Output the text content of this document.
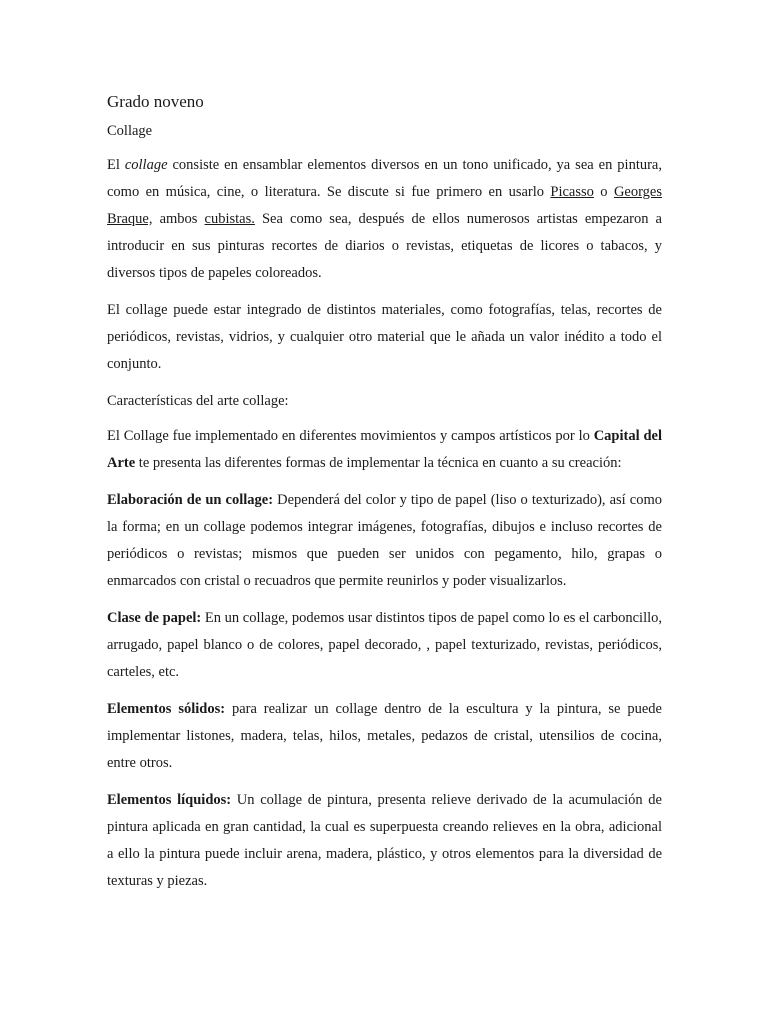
Grado noveno
Collage

El collage consiste en ensamblar elementos diversos en un tono unificado, ya sea en pintura, como en música, cine, o literatura. Se discute si fue primero en usarlo Picasso o Georges Braque, ambos cubistas. Sea como sea, después de ellos numerosos artistas empezaron a introducir en sus pinturas recortes de diarios o revistas, etiquetas de licores o tabacos, y diversos tipos de papeles coloreados.

El collage puede estar integrado de distintos materiales, como fotografías, telas, recortes de periódicos, revistas, vidrios, y cualquier otro material que le añada un valor inédito a todo el conjunto.

Características del arte collage:

El Collage fue implementado en diferentes movimientos y campos artísticos por lo Capital del Arte te presenta las diferentes formas de implementar la técnica en cuanto a su creación:

Elaboración de un collage: Dependerá del color y tipo de papel (liso o texturizado), así como la forma; en un collage podemos integrar imágenes, fotografías, dibujos e incluso recortes de periódicos o revistas; mismos que pueden ser unidos con pegamento, hilo, grapas o enmarcados con cristal o recuadros que permite reunirlos y poder visualizarlos.

Clase de papel: En un collage, podemos usar distintos tipos de papel como lo es el carboncillo, arrugado, papel blanco o de colores, papel decorado, , papel texturizado, revistas, periódicos, carteles, etc.

Elementos sólidos: para realizar un collage dentro de la escultura y la pintura, se puede implementar listones, madera, telas, hilos, metales, pedazos de cristal, utensilios de cocina, entre otros.

Elementos líquidos: Un collage de pintura, presenta relieve derivado de la acumulación de pintura aplicada en gran cantidad, la cual es superpuesta creando relieves en la obra, adicional a ello la pintura puede incluir arena, madera, plástico, y otros elementos para la diversidad de texturas y piezas.
